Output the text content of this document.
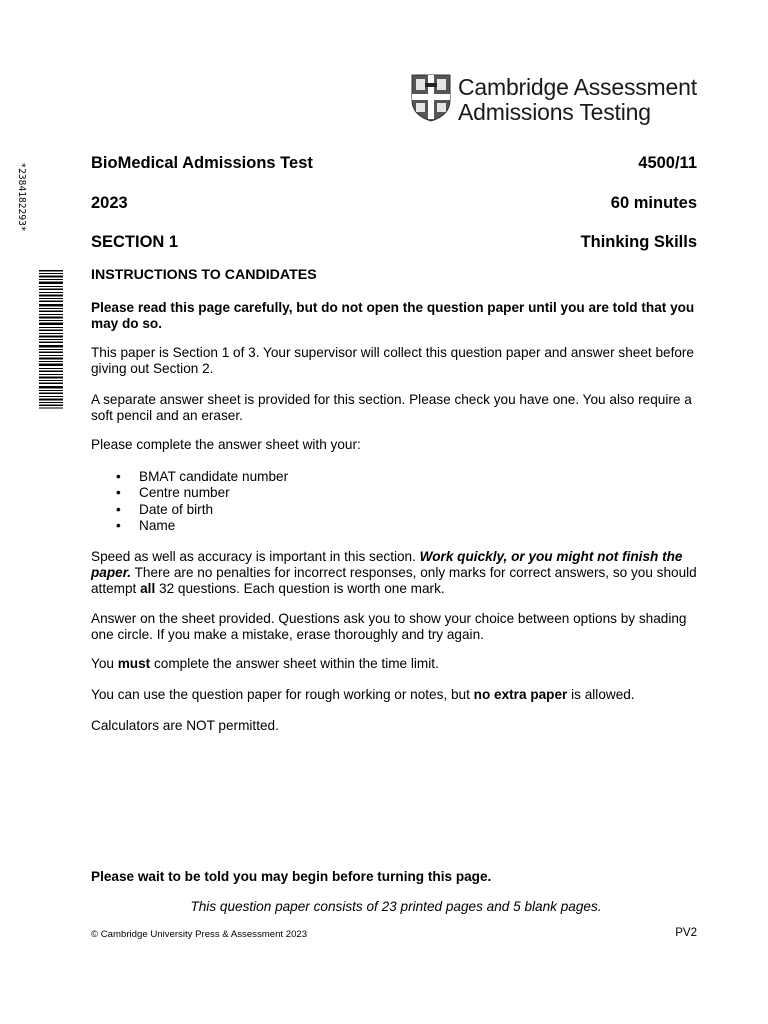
Cambridge Assessment
Admissions Testing
*2384182293*	BioMedical Admissions Test	4500/11
2023	60 minutes
SECTION 1	Thinking Skills
INSTRUCTIONS TO CANDIDATES
Please read this page carefully, but do not open the question paper until you are told that you may do so.
This paper is Section 1 of 3. Your supervisor will collect this question paper and answer sheet before giving out Section 2.
A separate answer sheet is provided for this section. Please check you have one. You also require a soft pencil and an eraser.
Please complete the answer sheet with your:
• BMAT candidate number
• Centre number
• Date of birth
• Name
Speed as well as accuracy is important in this section. Work quickly, or you might not finish the paper. There are no penalties for incorrect responses, only marks for correct answers, so you should attempt all 32 questions. Each question is worth one mark.
Answer on the sheet provided. Questions ask you to show your choice between options by shading one circle. If you make a mistake, erase thoroughly and try again.
You must complete the answer sheet within the time limit.
You can use the question paper for rough working or notes, but no extra paper is allowed.
Calculators are NOT permitted.
Please wait to be told you may begin before turning this page.
This question paper consists of 23 printed pages and 5 blank pages.
© Cambridge University Press & Assessment 2023	PV2
